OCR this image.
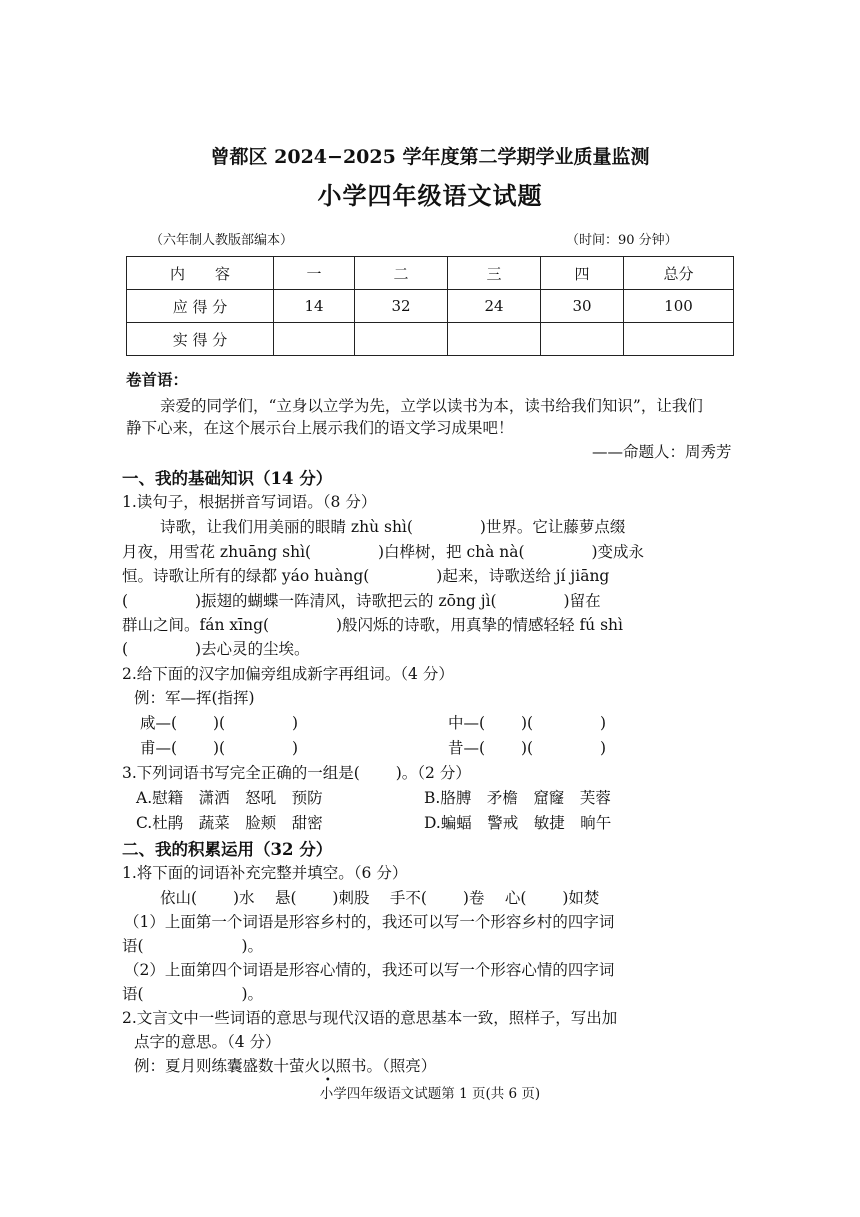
曾都区 2024−2025 学年度第二学期学业质量监测
小学四年级语文试题
（六年制人教版部编本）	（时间：90 分钟）
内　　容	一	二	三	四	总分
应 得 分	14	32	24	30	100
实 得 分					
卷首语：
亲爱的同学们，“立身以立学为先，立学以读书为本，读书给我们知识”，让我们
静下心来，在这个展示台上展示我们的语文学习成果吧！
——命题人：周秀芳
一、我的基础知识（14 分）
1.读句子，根据拼音写词语。（8 分）
诗歌，让我们用美丽的眼睛 zhù shì(　　　　 )世界。它让藤萝点缀
月夜，用雪花 zhuāng shì(　　　　 )白桦树，把 chà nà(　　　　 )变成永
恒。诗歌让所有的绿都 yáo huàng(　　　　 )起来，诗歌送给 jí jiāng
(　　　　 )振翅的蝴蝶一阵清风，诗歌把云的 zōng jì(　　　　 )留在
群山之间。fán xīng(　　　　 )般闪烁的诗歌，用真挚的情感轻轻 fú shì
(　　　　 )去心灵的尘埃。
2.给下面的汉字加偏旁组成新字再组词。（4 分）
例：军—挥(指挥)
咸—(　　 )(　　　　 )	中—(　　 )(　　　　 )
甫—(　　 )(　　　　 )	昔—(　　 )(　　　　 )
3.下列词语书写完全正确的一组是(　　 )。（2 分）
A.慰籍　潇洒　怒吼　预防	B.胳膊　矛檐　窟窿　芙蓉
C.杜鹃　蔬菜　脸颊　甜密	D.蝙蝠　警戒　敏捷　晌午
二、我的积累运用（32 分）
1.将下面的词语补充完整并填空。（6 分）
依山(　　 )水　 悬(　　 )刺股　 手不(　　 )卷　 心(　　 )如焚
（1）上面第一个词语是形容乡村的，我还可以写一个形容乡村的四字词
语(　　　　　　 )。
（2）上面第四个词语是形容心情的，我还可以写一个形容心情的四字词
语(　　　　　　 )。
2.文言文中一些词语的意思与现代汉语的意思基本一致，照样子，写出加
点字的意思。（4 分）
例：夏月则练囊盛数十萤火以照书。（照亮）
小学四年级语文试题第 1 页(共 6 页)
